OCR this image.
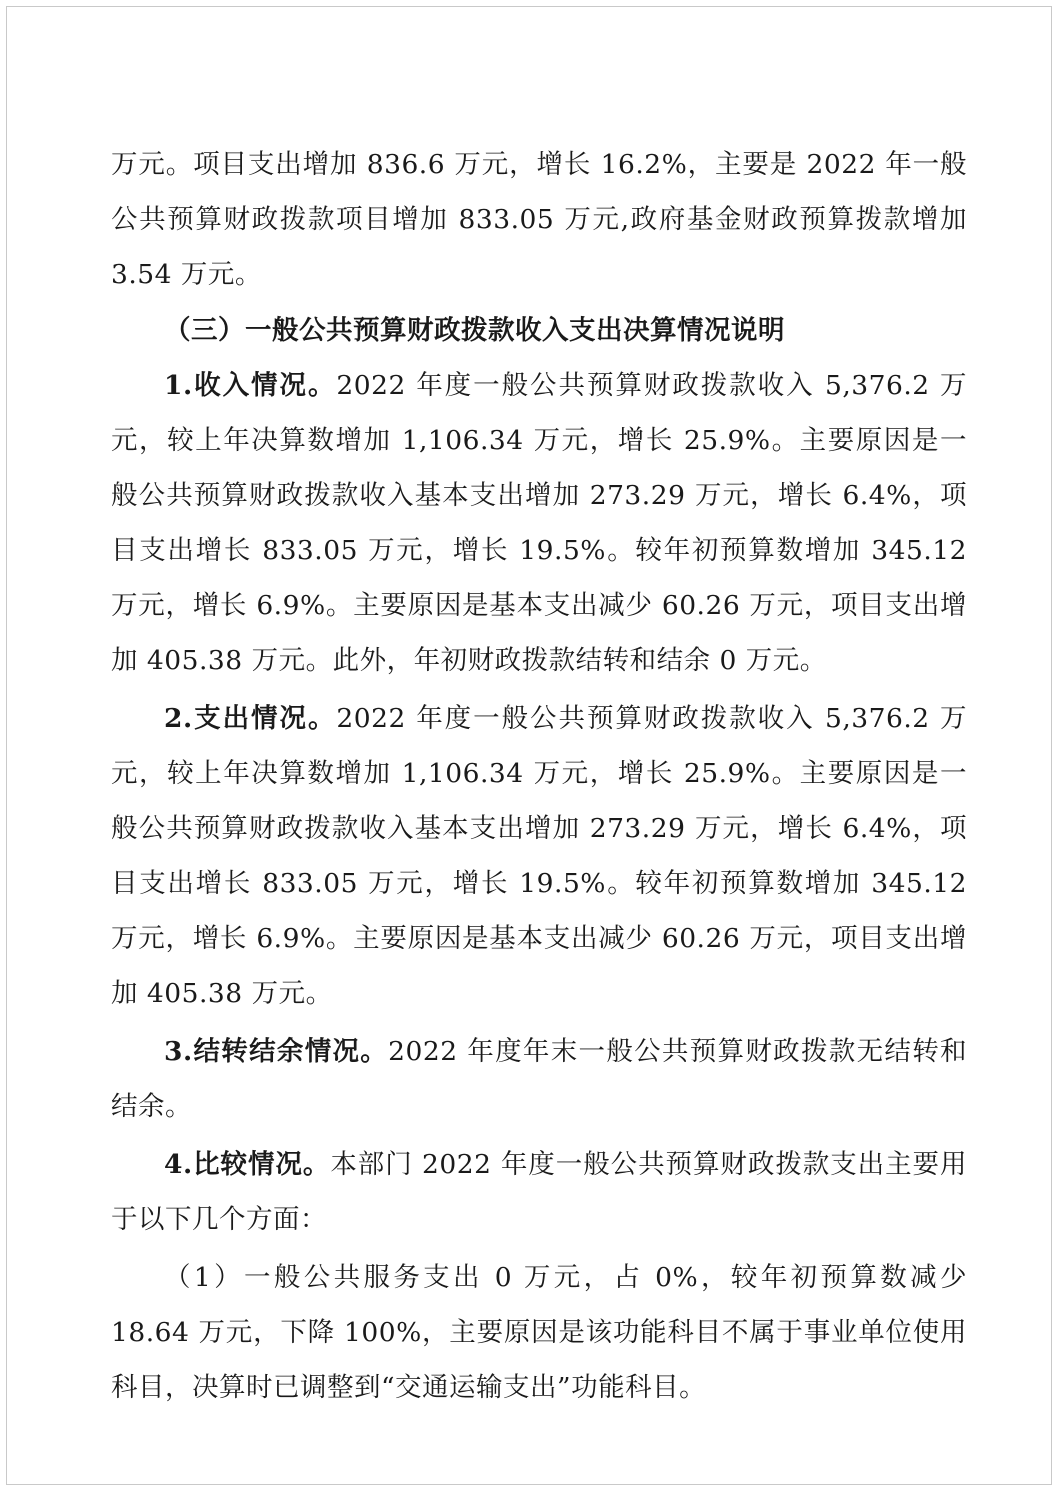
万元。项目支出增加 836.6 万元，增长 16.2%，主要是 2022 年一般公共预算财政拨款项目增加 833.05 万元,政府基金财政预算拨款增加 3.54 万元。

（三）一般公共预算财政拨款收入支出决算情况说明

1.收入情况。2022 年度一般公共预算财政拨款收入 5,376.2 万元，较上年决算数增加 1,106.34 万元，增长 25.9%。主要原因是一般公共预算财政拨款收入基本支出增加 273.29 万元，增长 6.4%，项目支出增长 833.05 万元，增长 19.5%。较年初预算数增加 345.12 万元，增长 6.9%。主要原因是基本支出减少 60.26 万元，项目支出增加 405.38 万元。此外，年初财政拨款结转和结余 0 万元。

2.支出情况。2022 年度一般公共预算财政拨款收入 5,376.2 万元，较上年决算数增加 1,106.34 万元，增长 25.9%。主要原因是一般公共预算财政拨款收入基本支出增加 273.29 万元，增长 6.4%，项目支出增长 833.05 万元，增长 19.5%。较年初预算数增加 345.12 万元，增长 6.9%。主要原因是基本支出减少 60.26 万元，项目支出增加 405.38 万元。

3.结转结余情况。2022 年度年末一般公共预算财政拨款无结转和结余。

4.比较情况。本部门 2022 年度一般公共预算财政拨款支出主要用于以下几个方面：

（1）一般公共服务支出 0 万元，占 0%，较年初预算数减少 18.64 万元，下降 100%，主要原因是该功能科目不属于事业单位使用科目，决算时已调整到“交通运输支出”功能科目。
